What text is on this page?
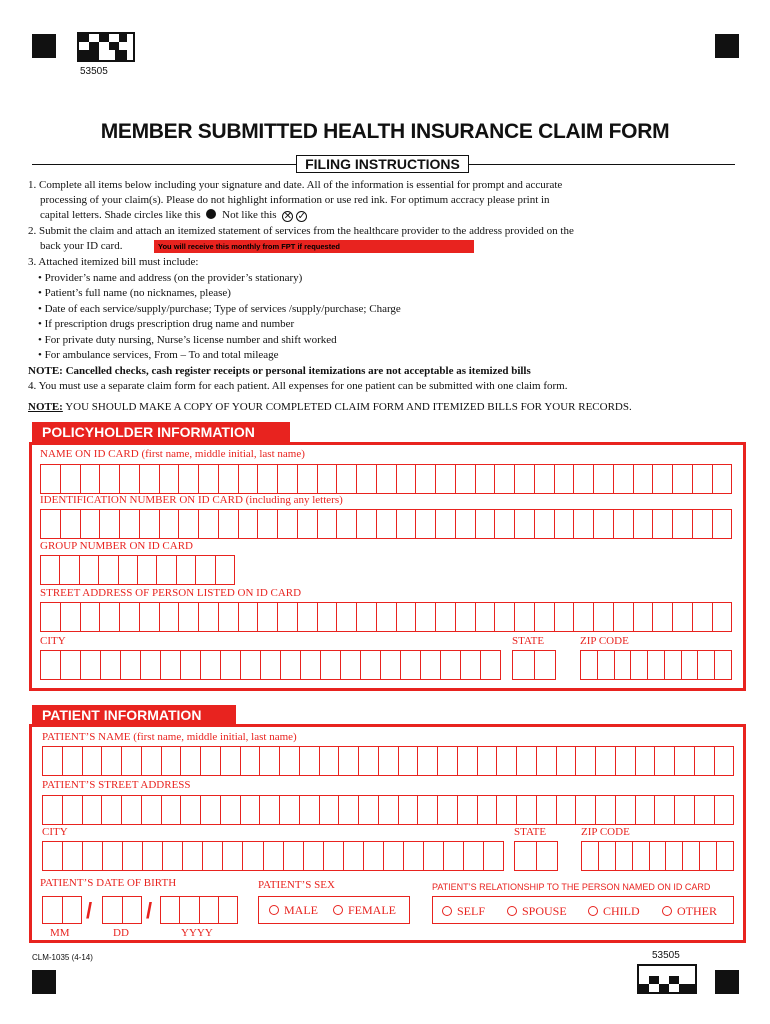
53505
MEMBER SUBMITTED HEALTH INSURANCE CLAIM FORM
FILING INSTRUCTIONS
1. Complete all items below including your signature and date. All of the information is essential for prompt and accurate
processing of your claim(s). Please do not highlight information or use red ink. For optimum accracy please print in
capital letters. Shade circles like this Not like this ✕ ✓
2. Submit the claim and attach an itemized statement of services from the healthcare provider to the address provided on the
back your ID card.	You will receive this monthly from FPT if requested
3. Attached itemized bill must include:
• Provider’s name and address (on the provider’s stationary)
• Patient’s full name (no nicknames, please)
• Date of each service/supply/purchase; Type of services /supply/purchase; Charge
• If prescription drugs prescription drug name and number
• For private duty nursing, Nurse’s license number and shift worked
• For ambulance services, From – To and total mileage
NOTE: Cancelled checks, cash register receipts or personal itemizations are not acceptable as itemized bills
4. You must use a separate claim form for each patient. All expenses for one patient can be submitted with one claim form.
NOTE: YOU SHOULD MAKE A COPY OF YOUR COMPLETED CLAIM FORM AND ITEMIZED BILLS FOR YOUR RECORDS.
POLICYHOLDER INFORMATION
NAME ON ID CARD (first name, middle initial, last name)
IDENTIFICATION NUMBER ON ID CARD (including any letters)
GROUP NUMBER ON ID CARD
STREET ADDRESS OF PERSON LISTED ON ID CARD
CITY	STATE	ZIP CODE
PATIENT INFORMATION
PATIENT’S NAME (first name, middle initial, last name)
PATIENT’S STREET ADDRESS
CITY	STATE	ZIP CODE
PATIENT’S DATE OF BIRTH
/ /
MM	DD	YYYY
PATIENT’S SEX
MALE	FEMALE
PATIENT’S RELATIONSHIP TO THE PERSON NAMED ON ID CARD
SELF	SPOUSE	CHILD	OTHER
CLM-1035 (4-14)	53505
